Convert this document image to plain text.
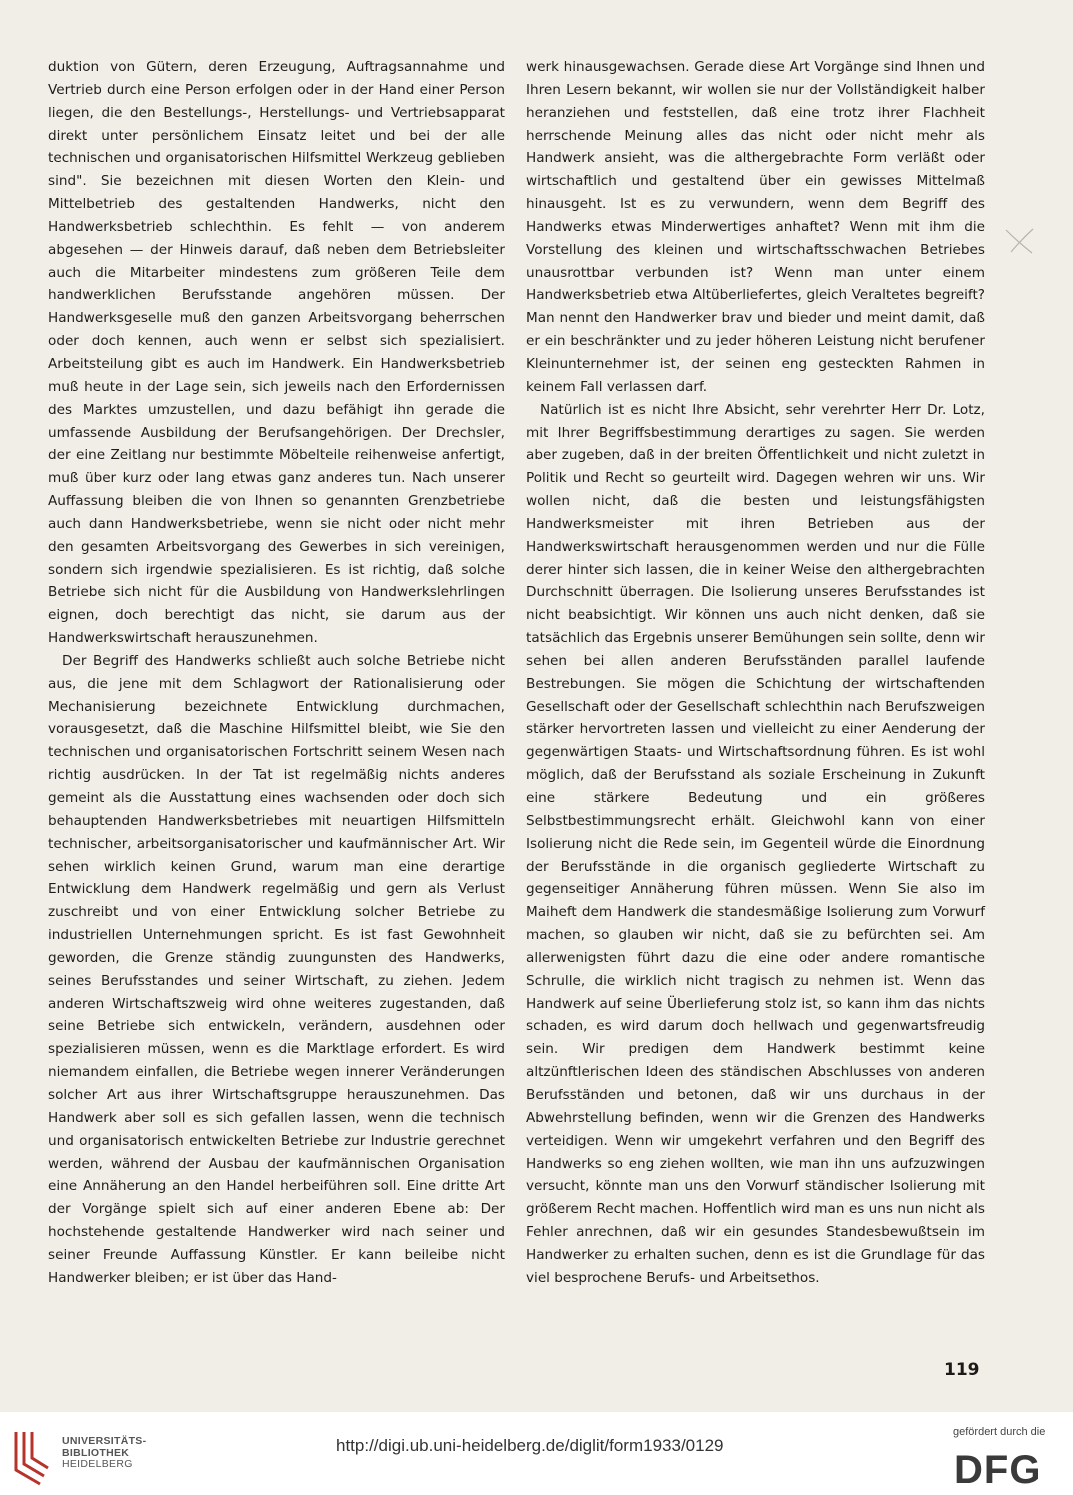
duktion von Gütern, deren Erzeugung, Auftragsannahme und Vertrieb durch eine Person erfolgen oder in der Hand einer Person liegen, die den Bestellungs-, Herstellungs- und Vertriebsapparat direkt unter persönlichem Einsatz leitet und bei der alle technischen und organisatorischen Hilfsmittel Werkzeug geblieben sind". Sie bezeichnen mit diesen Worten den Klein- und Mittelbetrieb des gestaltenden Handwerks, nicht den Handwerksbetrieb schlechthin. Es fehlt — von anderem abgesehen — der Hinweis darauf, daß neben dem Betriebsleiter auch die Mitarbeiter mindestens zum größeren Teile dem handwerklichen Berufsstande angehören müssen. Der Handwerksgeselle muß den ganzen Arbeitsvorgang beherrschen oder doch kennen, auch wenn er selbst sich spezialisiert. Arbeitsteilung gibt es auch im Handwerk. Ein Handwerksbetrieb muß heute in der Lage sein, sich jeweils nach den Erfordernissen des Marktes umzustellen, und dazu befähigt ihn gerade die umfassende Ausbildung der Berufsangehörigen. Der Drechsler, der eine Zeitlang nur bestimmte Möbelteile reihenweise anfertigt, muß über kurz oder lang etwas ganz anderes tun. Nach unserer Auffassung bleiben die von Ihnen so genannten Grenzbetriebe auch dann Handwerksbetriebe, wenn sie nicht oder nicht mehr den gesamten Arbeitsvorgang des Gewerbes in sich vereinigen, sondern sich irgendwie spezialisieren. Es ist richtig, daß solche Betriebe sich nicht für die Ausbildung von Handwerkslehrlingen eignen, doch berechtigt das nicht, sie darum aus der Handwerkswirtschaft herauszunehmen.

Der Begriff des Handwerks schließt auch solche Betriebe nicht aus, die jene mit dem Schlagwort der Rationalisierung oder Mechanisierung bezeichnete Entwicklung durchmachen, vorausgesetzt, daß die Maschine Hilfsmittel bleibt, wie Sie den technischen und organisatorischen Fortschritt seinem Wesen nach richtig ausdrücken. In der Tat ist regelmäßig nichts anderes gemeint als die Ausstattung eines wachsenden oder doch sich behauptenden Handwerksbetriebes mit neuartigen Hilfsmitteln technischer, arbeitsorganisatorischer und kaufmännischer Art. Wir sehen wirklich keinen Grund, warum man eine derartige Entwicklung dem Handwerk regelmäßig und gern als Verlust zuschreibt und von einer Entwicklung solcher Betriebe zu industriellen Unternehmungen spricht. Es ist fast Gewohnheit geworden, die Grenze ständig zuungunsten des Handwerks, seines Berufsstandes und seiner Wirtschaft, zu ziehen. Jedem anderen Wirtschaftszweig wird ohne weiteres zugestanden, daß seine Betriebe sich entwickeln, verändern, ausdehnen oder spezialisieren müssen, wenn es die Marktlage erfordert. Es wird niemandem einfallen, die Betriebe wegen innerer Veränderungen solcher Art aus ihrer Wirtschaftsgruppe herauszunehmen. Das Handwerk aber soll es sich gefallen lassen, wenn die technisch und organisatorisch entwickelten Betriebe zur Industrie gerechnet werden, während der Ausbau der kaufmännischen Organisation eine Annäherung an den Handel herbeiführen soll. Eine dritte Art der Vorgänge spielt sich auf einer anderen Ebene ab: Der hochstehende gestaltende Handwerker wird nach seiner und seiner Freunde Auffassung Künstler. Er kann beileibe nicht Handwerker bleiben; er ist über das Hand-

werk hinausgewachsen. Gerade diese Art Vorgänge sind Ihnen und Ihren Lesern bekannt, wir wollen sie nur der Vollständigkeit halber heranziehen und feststellen, daß eine trotz ihrer Flachheit herrschende Meinung alles das nicht oder nicht mehr als Handwerk ansieht, was die althergebrachte Form verläßt oder wirtschaftlich und gestaltend über ein gewisses Mittelmaß hinausgeht. Ist es zu verwundern, wenn dem Begriff des Handwerks etwas Minderwertiges anhaftet? Wenn mit ihm die Vorstellung des kleinen und wirtschaftsschwachen Betriebes unausrottbar verbunden ist? Wenn man unter einem Handwerksbetrieb etwa Altüberliefertes, gleich Veraltetes begreift? Man nennt den Handwerker brav und bieder und meint damit, daß er ein beschränkter und zu jeder höheren Leistung nicht berufener Kleinunternehmer ist, der seinen eng gesteckten Rahmen in keinem Fall verlassen darf.

Natürlich ist es nicht Ihre Absicht, sehr verehrter Herr Dr. Lotz, mit Ihrer Begriffsbestimmung derartiges zu sagen. Sie werden aber zugeben, daß in der breiten Öffentlichkeit und nicht zuletzt in Politik und Recht so geurteilt wird. Dagegen wehren wir uns. Wir wollen nicht, daß die besten und leistungsfähigsten Handwerksmeister mit ihren Betrieben aus der Handwerkswirtschaft herausgenommen werden und nur die Fülle derer hinter sich lassen, die in keiner Weise den althergebrachten Durchschnitt überragen. Die Isolierung unseres Berufsstandes ist nicht beabsichtigt. Wir können uns auch nicht denken, daß sie tatsächlich das Ergebnis unserer Bemühungen sein sollte, denn wir sehen bei allen anderen Berufsständen parallel laufende Bestrebungen. Sie mögen die Schichtung der wirtschaftenden Gesellschaft oder der Gesellschaft schlechthin nach Berufszweigen stärker hervortreten lassen und vielleicht zu einer Aenderung der gegenwärtigen Staats- und Wirtschaftsordnung führen. Es ist wohl möglich, daß der Berufsstand als soziale Erscheinung in Zukunft eine stärkere Bedeutung und ein größeres Selbstbestimmungsrecht erhält. Gleichwohl kann von einer Isolierung nicht die Rede sein, im Gegenteil würde die Einordnung der Berufsstände in die organisch gegliederte Wirtschaft zu gegenseitiger Annäherung führen müssen. Wenn Sie also im Maiheft dem Handwerk die standesmäßige Isolierung zum Vorwurf machen, so glauben wir nicht, daß sie zu befürchten sei. Am allerwenigsten führt dazu die eine oder andere romantische Schrulle, die wirklich nicht tragisch zu nehmen ist. Wenn das Handwerk auf seine Überlieferung stolz ist, so kann ihm das nichts schaden, es wird darum doch hellwach und gegenwartsfreudig sein. Wir predigen dem Handwerk bestimmt keine altzünftlerischen Ideen des ständischen Abschlusses von anderen Berufsständen und betonen, daß wir uns durchaus in der Abwehrstellung befinden, wenn wir die Grenzen des Handwerks verteidigen. Wenn wir umgekehrt verfahren und den Begriff des Handwerks so eng ziehen wollten, wie man ihn uns aufzuzwingen versucht, könnte man uns den Vorwurf ständischer Isolierung mit größerem Recht machen. Hoffentlich wird man es uns nun nicht als Fehler anrechnen, daß wir ein gesundes Standesbewußtsein im Handwerker zu erhalten suchen, denn es ist die Grundlage für das viel besprochene Berufs- und Arbeitsethos.

119
UNIVERSITÄTS-
BIBLIOTHEK
HEIDELBERG
http://digi.ub.uni-heidelberg.de/diglit/form1933/0129
gefördert durch die
DFG
